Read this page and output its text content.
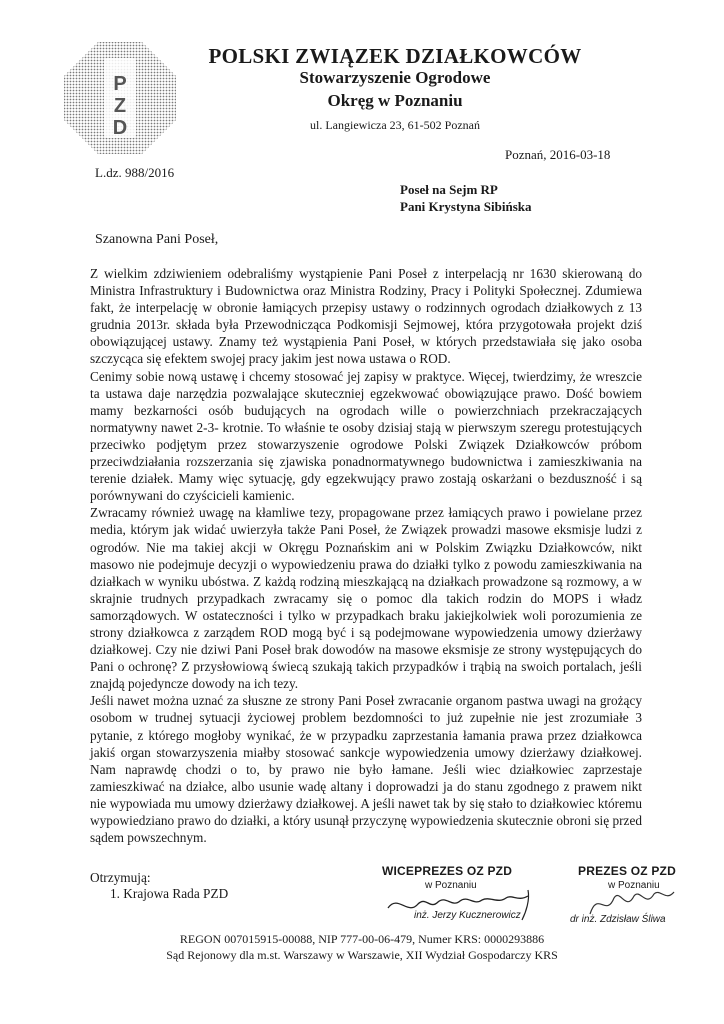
P
Z
D
POLSKI ZWIĄZEK DZIAŁKOWCÓW
Stowarzyszenie Ogrodowe
Okręg w Poznaniu
ul. Langiewicza 23, 61-502 Poznań
Poznań, 2016-03-18
L.dz. 988/2016
Poseł na Sejm RP
Pani Krystyna Sibińska
Szanowna Pani Poseł,

Z wielkim zdziwieniem odebraliśmy wystąpienie Pani Poseł z interpelacją nr 1630 skierowaną do Ministra Infrastruktury i Budownictwa oraz Ministra Rodziny, Pracy i Polityki Społecznej. Zdumiewa fakt, że interpelację w obronie łamiących przepisy ustawy o rodzinnych ogrodach działkowych z 13 grudnia 2013r. składa była Przewodnicząca Podkomisji Sejmowej, która przygotowała projekt dziś obowiązującej ustawy. Znamy też wystąpienia Pani Poseł, w których przedstawiała się jako osoba szczycąca się efektem swojej pracy jakim jest nowa ustawa o ROD.

Cenimy sobie nową ustawę i chcemy stosować jej zapisy w praktyce. Więcej, twierdzimy, że wreszcie ta ustawa daje narzędzia pozwalające skuteczniej egzekwować obowiązujące prawo. Dość bowiem mamy bezkarności osób budujących na ogrodach wille o powierzchniach przekraczających normatywny nawet 2-3- krotnie. To właśnie te osoby dzisiaj stają w pierwszym szeregu protestujących przeciwko podjętym przez stowarzyszenie ogrodowe Polski Związek Działkowców próbom przeciwdziałania rozszerzania się zjawiska ponadnormatywnego budownictwa i zamieszkiwania na terenie działek. Mamy więc sytuację, gdy egzekwujący prawo zostają oskarżani o bezduszność i są porównywani do czyścicieli kamienic.

Zwracamy również uwagę na kłamliwe tezy, propagowane przez łamiących prawo i powielane przez media, którym jak widać uwierzyła także Pani Poseł, że Związek prowadzi masowe eksmisje ludzi z ogrodów. Nie ma takiej akcji w Okręgu Poznańskim ani w Polskim Związku Działkowców, nikt masowo nie podejmuje decyzji o wypowiedzeniu prawa do działki tylko z powodu zamieszkiwania na działkach w wyniku ubóstwa. Z każdą rodziną mieszkającą na działkach prowadzone są rozmowy, a w skrajnie trudnych przypadkach zwracamy się o pomoc dla takich rodzin do MOPS i władz samorządowych. W ostateczności i tylko w przypadkach braku jakiejkolwiek woli porozumienia ze strony działkowca z zarządem ROD mogą być i są podejmowane wypowiedzenia umowy dzierżawy działkowej. Czy nie dziwi Pani Poseł brak dowodów na masowe eksmisje ze strony występujących do Pani o ochronę? Z przysłowiową świecą szukają takich przypadków i trąbią na swoich portalach, jeśli znajdą pojedyncze dowody na ich tezy.

Jeśli nawet można uznać za słuszne ze strony Pani Poseł zwracanie organom pastwa uwagi na grożący osobom w trudnej sytuacji życiowej problem bezdomności to już zupełnie nie jest zrozumiałe 3 pytanie, z którego mogłoby wynikać, że w przypadku zaprzestania łamania prawa przez działkowca jakiś organ stowarzyszenia miałby stosować sankcje wypowiedzenia umowy dzierżawy działkowej. Nam naprawdę chodzi o to, by prawo nie było łamane. Jeśli wiec działkowiec zaprzestaje zamieszkiwać na działce, albo usunie wadę altany i doprowadzi ja do stanu zgodnego z prawem nikt nie wypowiada mu umowy dzierżawy działkowej. A jeśli nawet tak by się stało to działkowiec któremu wypowiedziano prawo do działki, a który usunął przyczynę wypowiedzenia skutecznie obroni się przed sądem powszechnym.

Otrzymują:
1. Krajowa Rada PZD
WICEPREZES OZ PZD
w Poznaniu
inż. Jerzy Kucznerowicz
PREZES OZ PZD
w Poznaniu
dr inż. Zdzisław Śliwa
REGON 007015915-00088, NIP 777-00-06-479, Numer KRS: 0000293886
Sąd Rejonowy dla m.st. Warszawy w Warszawie, XII Wydział Gospodarczy KRS
